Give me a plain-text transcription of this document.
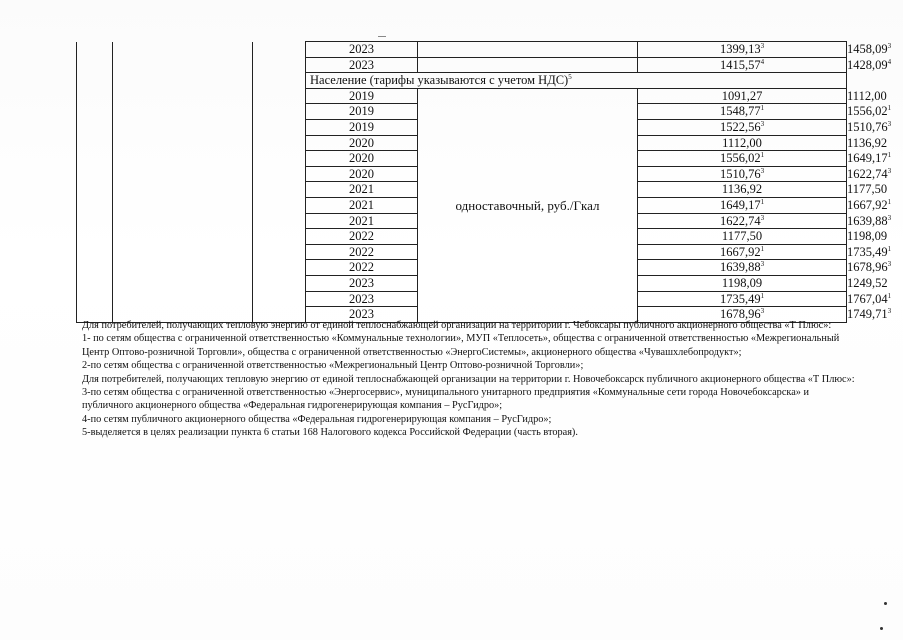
			2023		1399,13$^3$	1458,09$^3$
			2023		1415,57$^4$	1428,09$^4$
			Население (тарифы указываются с учетом НДС)$^5$
			2019	одноставочный, руб./Гкал	1091,27	1112,00
			2019		1548,77$^1$	1556,02$^1$
			2019		1522,56$^3$	1510,76$^3$
			2020		1112,00	1136,92
			2020		1556,02$^1$	1649,17$^1$
			2020		1510,76$^3$	1622,74$^3$
			2021		1136,92	1177,50
			2021		1649,17$^1$	1667,92$^1$
			2021		1622,74$^3$	1639,88$^3$
			2022		1177,50	1198,09
			2022		1667,92$^1$	1735,49$^1$
			2022		1639,88$^3$	1678,96$^3$
			2023		1198,09	1249,52
			2023		1735,49$^1$	1767,04$^1$
			2023		1678,96$^3$	1749,71$^3$

Для потребителей, получающих тепловую энергию от единой теплоснабжающей организации на территории г. Чебоксары публичного акционерного общества «Т Плюс»:

1- по сетям общества с ограниченной ответственностью «Коммунальные технологии», МУП «Теплосеть», общества с ограниченной ответственностью «Межрегиональный Центр Оптово-розничной Торговли», общества с ограниченной ответственностью «ЭнергоСистемы», акционерного общества «Чувашхлебопродукт»;

2-по сетям общества с ограниченной ответственностью «Межрегиональный Центр Оптово-розничной Торговли»;

Для потребителей, получающих тепловую энергию от единой теплоснабжающей организации на территории г. Новочебоксарск публичного акционерного общества «Т Плюс»:

3-по сетям общества с ограниченной ответственностью «Энергосервис», муниципального унитарного предприятия «Коммунальные сети города Новочебоксарска» и публичного акционерного общества «Федеральная гидрогенерирующая компания – РусГидро»;

4-по сетям публичного акционерного общества «Федеральная гидрогенерирующая компания – РусГидро»;

5-выделяется в целях реализации пункта 6 статьи 168 Налогового кодекса Российской Федерации (часть вторая).
